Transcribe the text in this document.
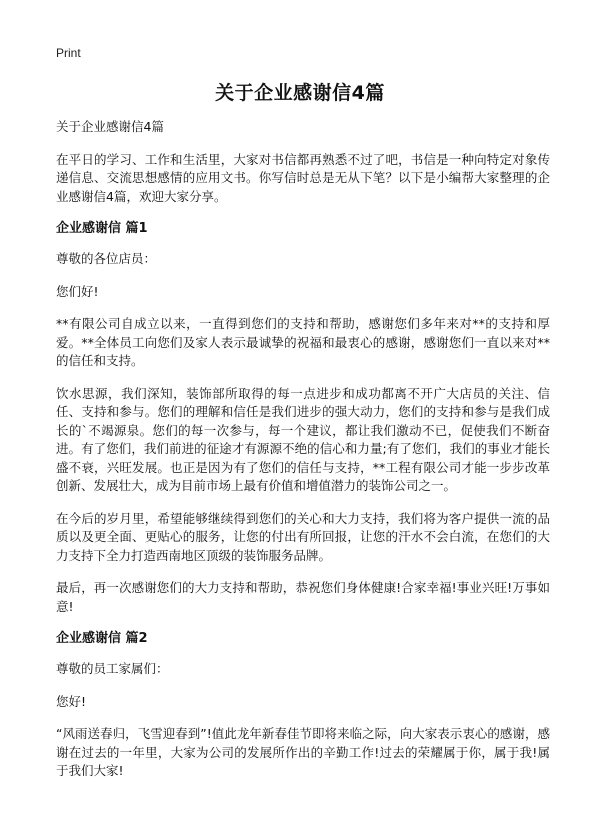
Print
关于企业感谢信4篇

关于企业感谢信4篇

在平日的学习、工作和生活里，大家对书信都再熟悉不过了吧，书信是一种向特定对象传递信息、交流思想感情的应用文书。你写信时总是无从下笔？以下是小编帮大家整理的企业感谢信4篇，欢迎大家分享。

企业感谢信 篇1

尊敬的各位店员：

您们好!

**有限公司自成立以来，一直得到您们的支持和帮助，感谢您们多年来对**的支持和厚爱。**全体员工向您们及家人表示最诚挚的祝福和最衷心的感谢，感谢您们一直以来对**的信任和支持。

饮水思源，我们深知，装饰部所取得的每一点进步和成功都离不开广大店员的关注、信任、支持和参与。您们的理解和信任是我们进步的强大动力，您们的支持和参与是我们成长的`不竭源泉。您们的每一次参与，每一个建议，都让我们激动不已，促使我们不断奋进。有了您们，我们前进的征途才有源源不绝的信心和力量;有了您们，我们的事业才能长盛不衰，兴旺发展。也正是因为有了您们的信任与支持，**工程有限公司才能一步步改革创新、发展壮大，成为目前市场上最有价值和增值潜力的装饰公司之一。

在今后的岁月里，希望能够继续得到您们的关心和大力支持，我们将为客户提供一流的品质以及更全面、更贴心的服务，让您的付出有所回报，让您的汗水不会白流，在您们的大力支持下全力打造西南地区顶级的装饰服务品牌。

最后，再一次感谢您们的大力支持和帮助，恭祝您们身体健康!合家幸福!事业兴旺!万事如意!

企业感谢信 篇2

尊敬的员工家属们：

您好!

“风雨送春归，飞雪迎春到”!值此龙年新春佳节即将来临之际，向大家表示衷心的感谢，感谢在过去的一年里，大家为公司的发展所作出的辛勤工作!过去的荣耀属于你，属于我!属于我们大家!
